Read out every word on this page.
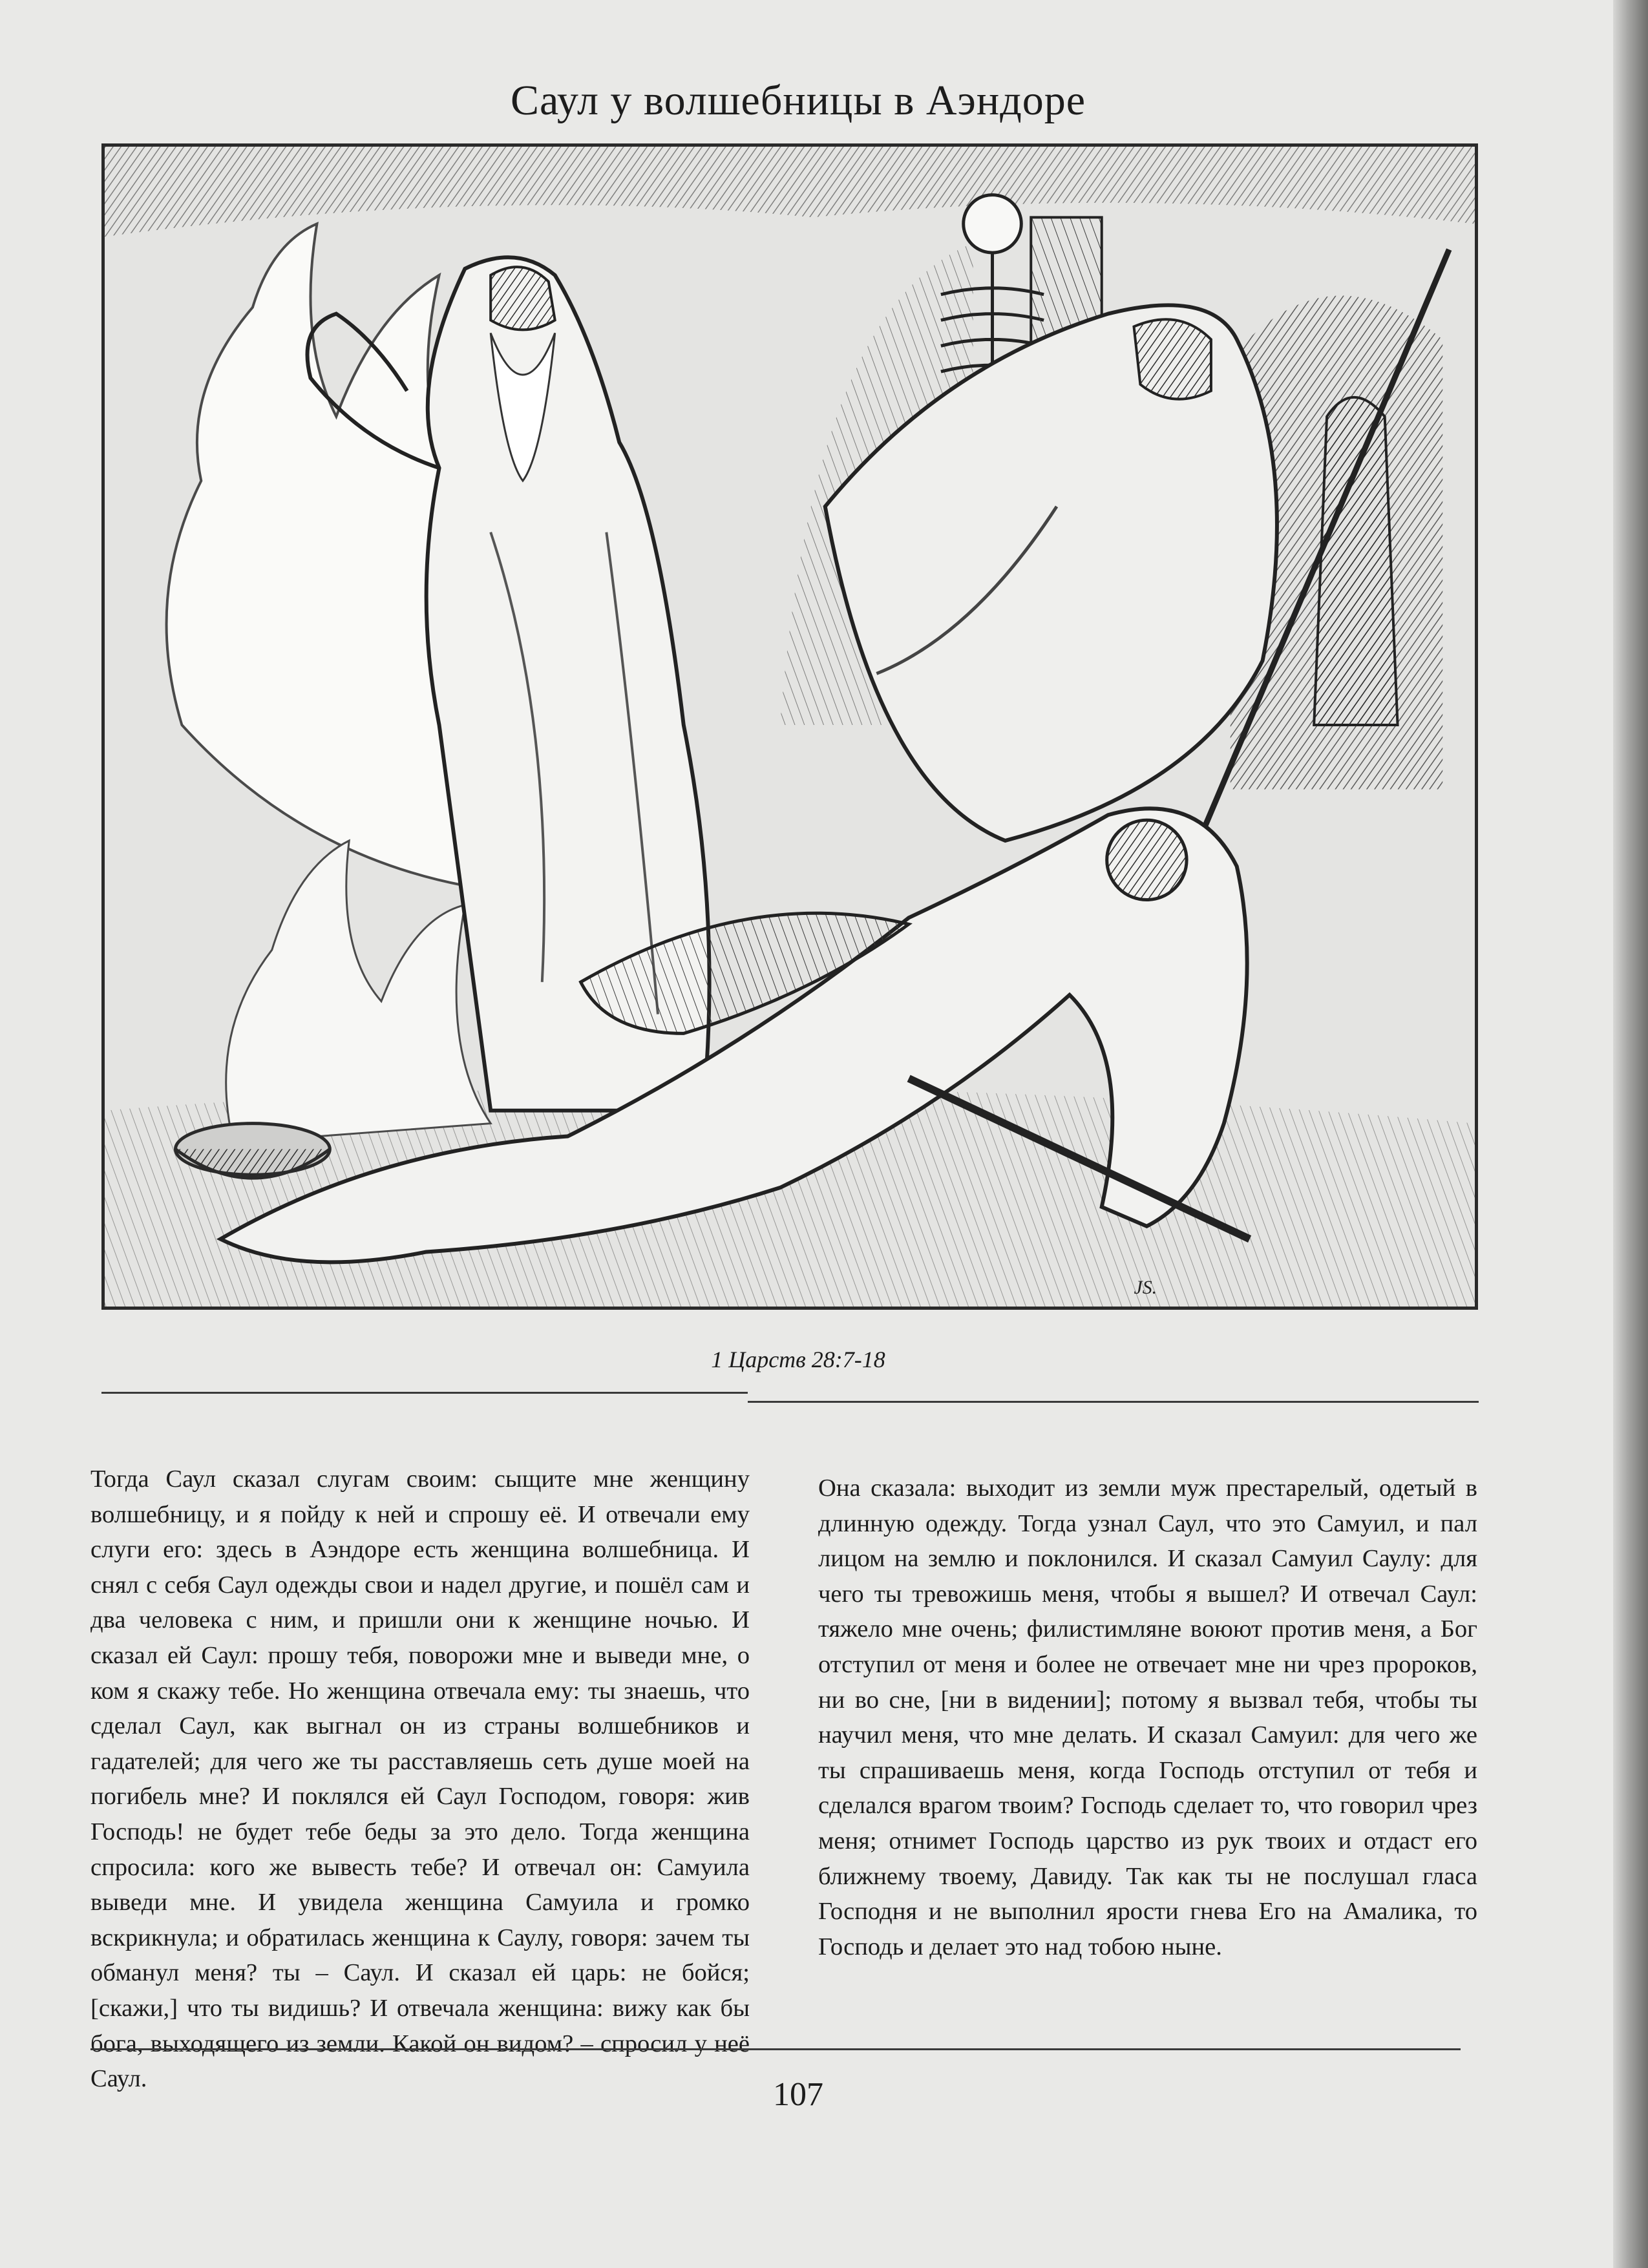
Саул у волшебницы в Аэндоре
JS.
1 Царств 28:7-18
Тогда Саул сказал слугам своим: сыщите мне женщину волшебницу, и я пойду к ней и спрошу её. И отвечали ему слуги его: здесь в Аэндоре есть женщина волшебница. И снял с себя Саул одежды свои и надел другие, и пошёл сам и два человека с ним, и пришли они к женщине ночью. И сказал ей Саул: прошу тебя, поворожи мне и выведи мне, о ком я скажу тебе. Но женщина отвечала ему: ты знаешь, что сделал Саул, как выгнал он из страны волшебников и гадателей; для чего же ты расставляешь сеть душе моей на погибель мне? И поклялся ей Саул Господом, говоря: жив Господь! не будет тебе беды за это дело. Тогда женщина спросила: кого же вывесть тебе? И отвечал он: Самуила выведи мне. И увидела женщина Самуила и громко вскрикнула; и обратилась женщина к Саулу, говоря: зачем ты обманул меня? ты – Саул. И сказал ей царь: не бойся; [скажи,] что ты видишь? И отвечала женщина: вижу как бы бога, выходящего из земли. Какой он видом? – спросил у неё Саул.
Она сказала: выходит из земли муж престарелый, одетый в длинную одежду. Тогда узнал Саул, что это Самуил, и пал лицом на землю и поклонился. И сказал Самуил Саулу: для чего ты тревожишь меня, чтобы я вышел? И отвечал Саул: тяжело мне очень; филистимляне воюют против меня, а Бог отступил от меня и более не отвечает мне ни чрез пророков, ни во сне, [ни в видении]; потому я вызвал тебя, чтобы ты научил меня, что мне делать. И сказал Самуил: для чего же ты спрашиваешь меня, когда Господь отступил от тебя и сделался врагом твоим? Господь сделает то, что говорил чрез меня; отнимет Господь царство из рук твоих и отдаст его ближнему твоему, Давиду. Так как ты не послушал гласа Господня и не выполнил ярости гнева Его на Амалика, то Господь и делает это над тобою ныне.
107
